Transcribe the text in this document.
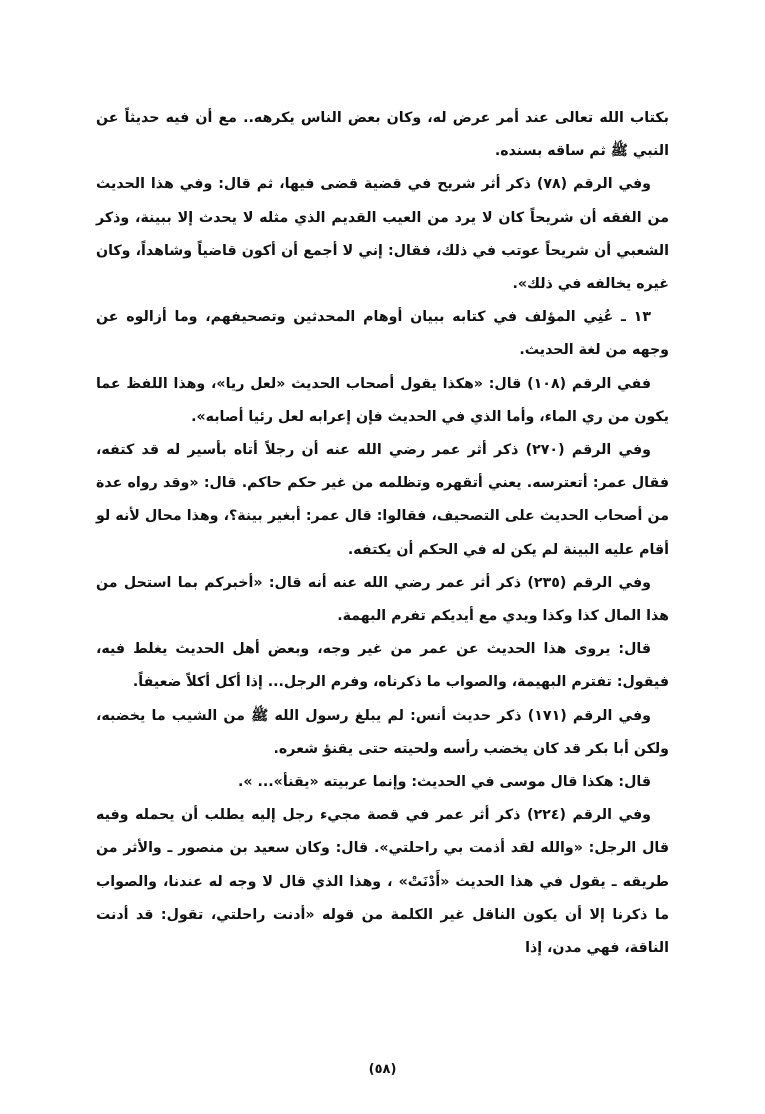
بكتاب الله تعالى عند أمر عرض له، وكان بعض الناس يكرهه.. مع أن فيه حديثاً عن النبي ﷺ ثم ساقه بسنده.

وفي الرقم (٧٨) ذكر أثر شريح في قضية قضى فيها، ثم قال: وفي هذا الحديث من الفقه أن شريحاً كان لا يرد من العيب القديم الذي مثله لا يحدث إلا ببينة، وذكر الشعبي أن شريحاً عوتب في ذلك، فقال: إني لا أجمع أن أكون قاضياً وشاهداً، وكان غيره يخالفه في ذلك».

١٣ ـ عُنِي المؤلف في كتابه ببيان أوهام المحدثين وتصحيفهم، وما أزالوه عن وجهه من لغة الحديث.

ففي الرقم (١٠٨) قال: «هكذا يقول أصحاب الحديث «لعل ريا»، وهذا اللفظ عما يكون من ري الماء، وأما الذي في الحديث فإن إعرابه لعل رئيا أصابه».

وفي الرقم (٢٧٠) ذكر أثر عمر رضي الله عنه أن رجلاً أتاه بأسير له قد كتفه، فقال عمر: أتعترسه. يعني أتقهره وتظلمه من غير حكم حاكم. قال: «وقد رواه عدة من أصحاب الحديث على التصحيف، فقالوا: قال عمر: أبغير بينة؟، وهذا محال لأنه لو أقام عليه البينة لم يكن له في الحكم أن يكتفه.

وفي الرقم (٢٣٥) ذكر أثر عمر رضي الله عنه أنه قال: «أخبركم بما استحل من هذا المال كذا وكذا ويدي مع أيديكم تفرم البهمة.

قال: يروى هذا الحديث عن عمر من غير وجه، وبعض أهل الحديث يغلط فيه، فيقول: تفترم البهيمة، والصواب ما ذكرناه، وفرم الرجل... إذا أكل أكلاً ضعيفاً.

وفي الرقم (١٧١) ذكر حديث أنس: لم يبلغ رسول الله ﷺ من الشيب ما يخضبه، ولكن أبا بكر قد كان يخضب رأسه ولحيته حتى يقنؤ شعره.

قال: هكذا قال موسى في الحديث: وإنما عربيته «يقنأ»... ».

وفي الرقم (٢٢٤) ذكر أثر عمر في قصة مجيء رجل إليه يطلب أن يحمله وفيه قال الرجل: «والله لقد أذمت بي راحلتي». قال: وكان سعيد بن منصور ـ والأثر من طريقه ـ يقول في هذا الحديث «أَدْنَتْ» ، وهذا الذي قال لا وجه له عندنا، والصواب ما ذكرنا إلا أن يكون الناقل غير الكلمة من قوله «أدنت راحلتي، تقول: قد أدنت الناقة، فهي مدن، إذا

(٥٨)
